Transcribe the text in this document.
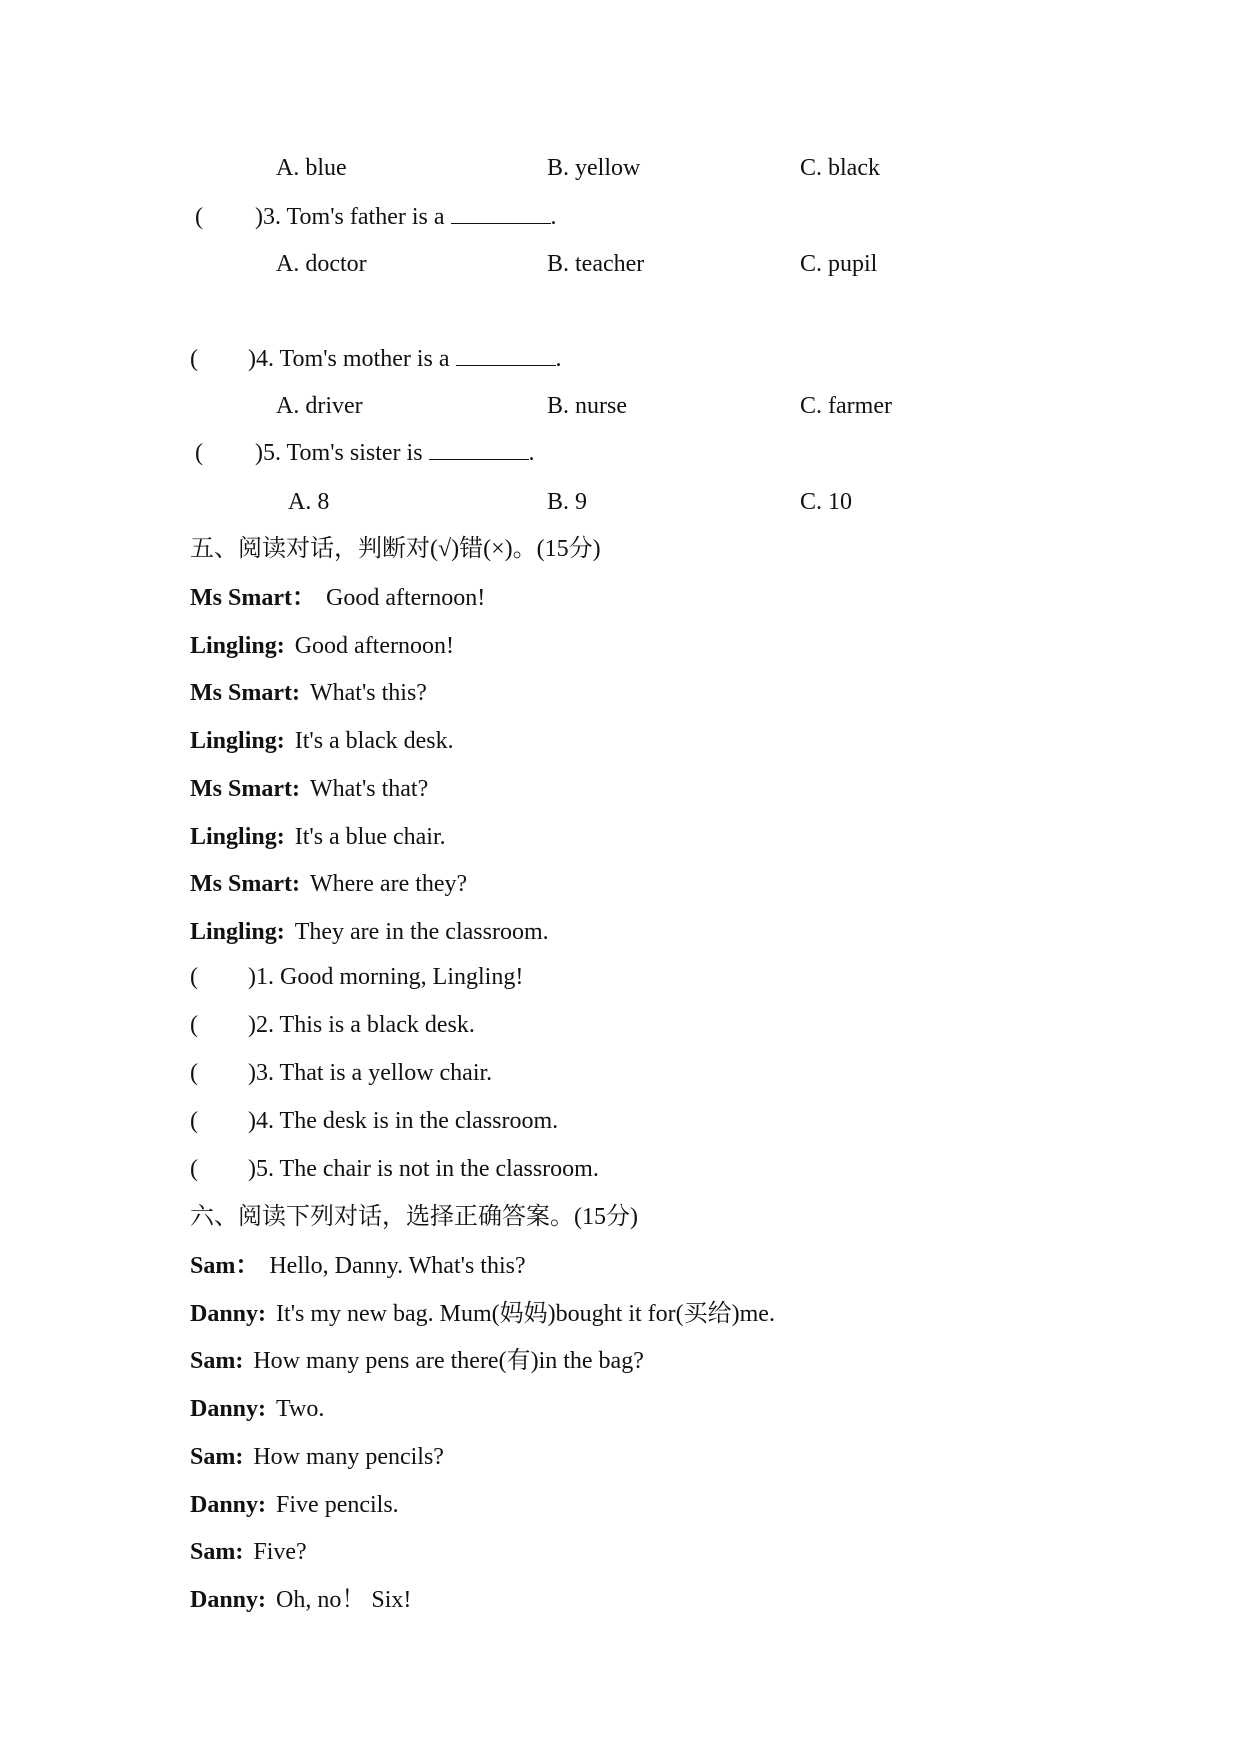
A. blue	B. yellow	C. black
( )3. Tom's father is a	.
A. doctor	B. teacher	C. pupil
( )4. Tom's mother is a	.
A. driver	B. nurse	C. farmer
( )5. Tom's sister is	.
A. 8	B. 9	C. 10
五、阅读对话，判断对(√)错(×)。(15分)
Ms Smart： Good afternoon!
Lingling: Good afternoon!
Ms Smart: What's this?
Lingling: It's a black desk.
Ms Smart: What's that?
Lingling: It's a blue chair.
Ms Smart: Where are they?
Lingling: They are in the classroom.
( )1. Good morning, Lingling!
( )2. This is a black desk.
( )3. That is a yellow chair.
( )4. The desk is in the classroom.
( )5. The chair is not in the classroom.
六、阅读下列对话，选择正确答案。(15分)
Sam： Hello, Danny. What's this?
Danny: It's my new bag. Mum(妈妈)bought it for(买给)me.
Sam: How many pens are there(有)in the bag?
Danny: Two.
Sam: How many pencils?
Danny: Five pencils.
Sam: Five?
Danny: Oh, no！ Six!
